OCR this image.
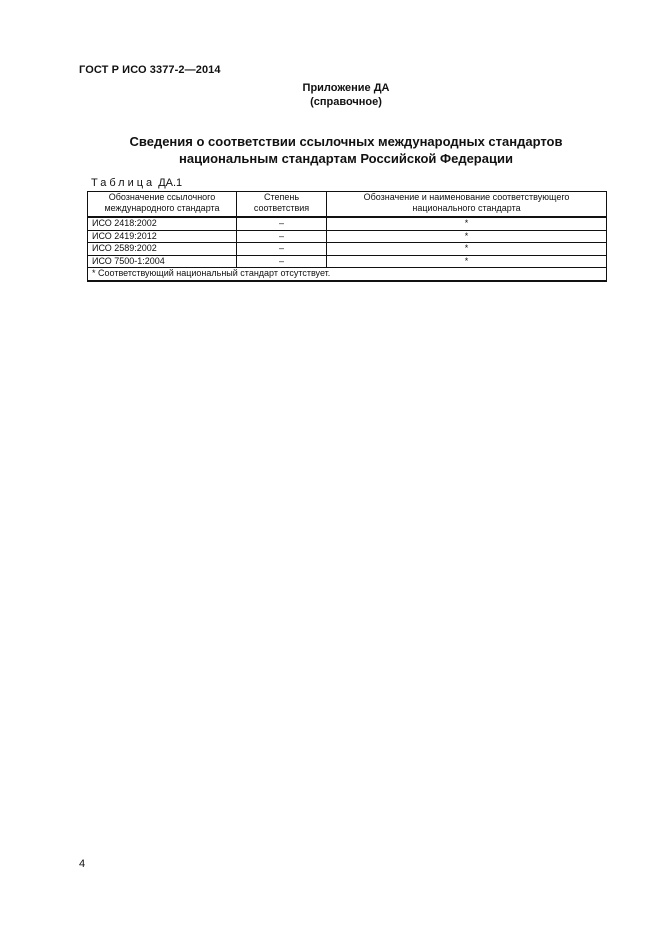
ГОСТ Р ИСО 3377-2—2014
Приложение ДА
(справочное)
Сведения о соответствии ссылочных международных стандартов
национальным стандартам Российской Федерации
Таблица ДА.1
Обозначение ссылочного международного стандарта	Степень соответствия	Обозначение и наименование соответствующего национального стандарта
ИСО 2418:2002	–	*
ИСО 2419:2012	–	*
ИСО 2589:2002	–	*
ИСО 7500-1:2004	–	*
* Соответствующий национальный стандарт отсутствует.		
4
